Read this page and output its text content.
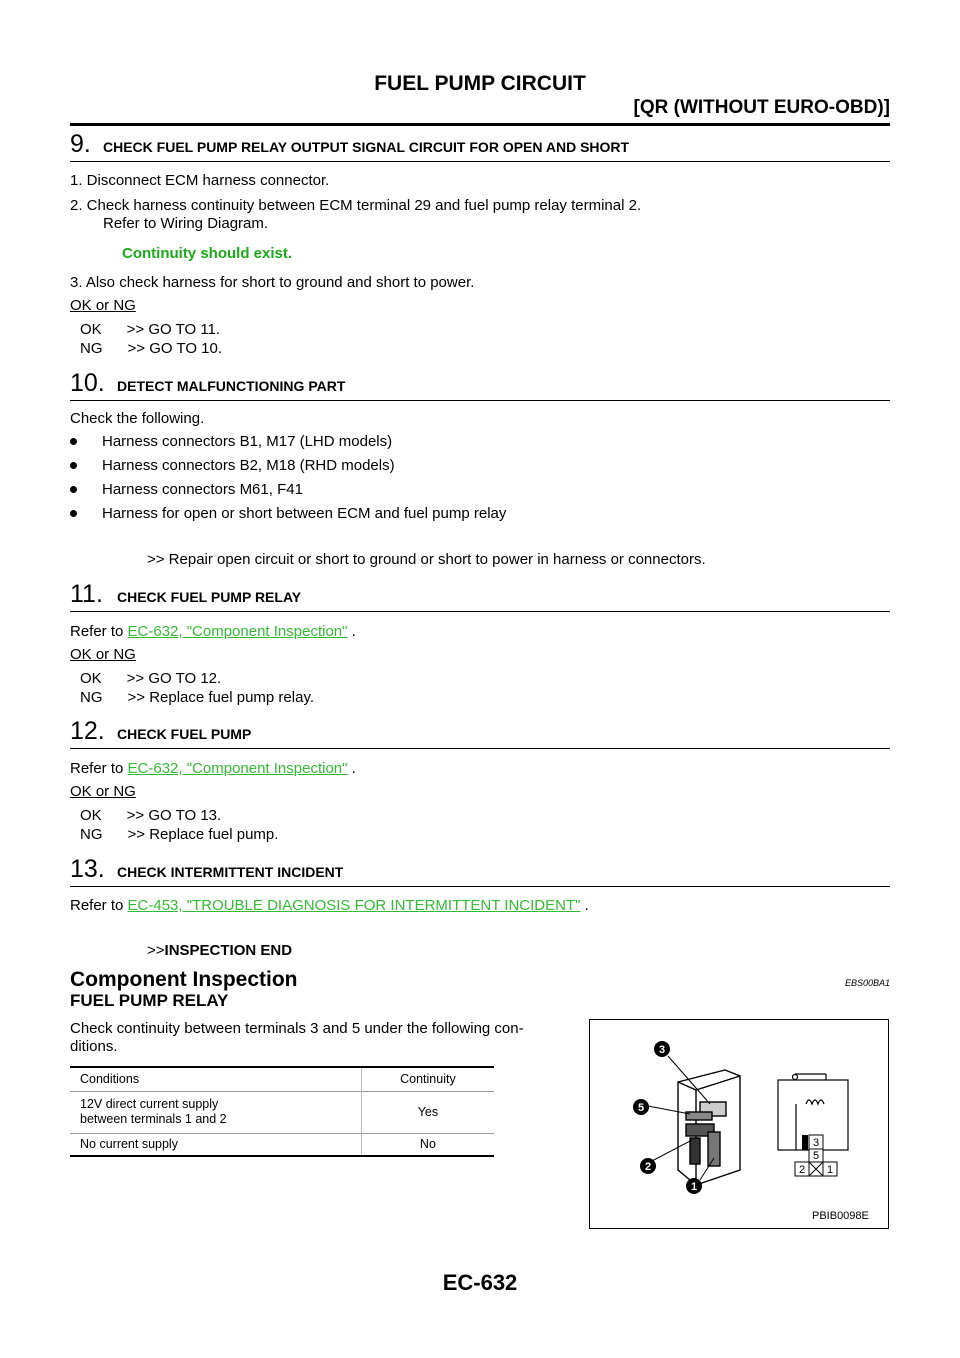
FUEL PUMP CIRCUIT
[QR (WITHOUT EURO-OBD)]
9. CHECK FUEL PUMP RELAY OUTPUT SIGNAL CIRCUIT FOR OPEN AND SHORT
1. Disconnect ECM harness connector.
2. Check harness continuity between ECM terminal 29 and fuel pump relay terminal 2.
Refer to Wiring Diagram.
Continuity should exist.
3. Also check harness for short to ground and short to power.
OK or NG
OK      >> GO TO 11.
NG      >> GO TO 10.
10. DETECT MALFUNCTIONING PART
Check the following.
Harness connectors B1, M17 (LHD models)
Harness connectors B2, M18 (RHD models)
Harness connectors M61, F41
Harness for open or short between ECM and fuel pump relay
>> Repair open circuit or short to ground or short to power in harness or connectors.
11. CHECK FUEL PUMP RELAY
Refer to EC-632, "Component Inspection" .
OK or NG
OK      >> GO TO 12.
NG      >> Replace fuel pump relay.
12. CHECK FUEL PUMP
Refer to EC-632, "Component Inspection" .
OK or NG
OK      >> GO TO 13.
NG      >> Replace fuel pump.
13. CHECK INTERMITTENT INCIDENT
Refer to EC-453, "TROUBLE DIAGNOSIS FOR INTERMITTENT INCIDENT" .
>>INSPECTION END
Component Inspection	EBS00BA1
FUEL PUMP RELAY
Check continuity between terminals 3 and 5 under the following con-
ditions.
Conditions	Continuity

12V direct current supply
between terminals 1 and 2	Yes
No current supply	No
3
5
2
1
3
5
2 1
PBIB0098E
EC-632
